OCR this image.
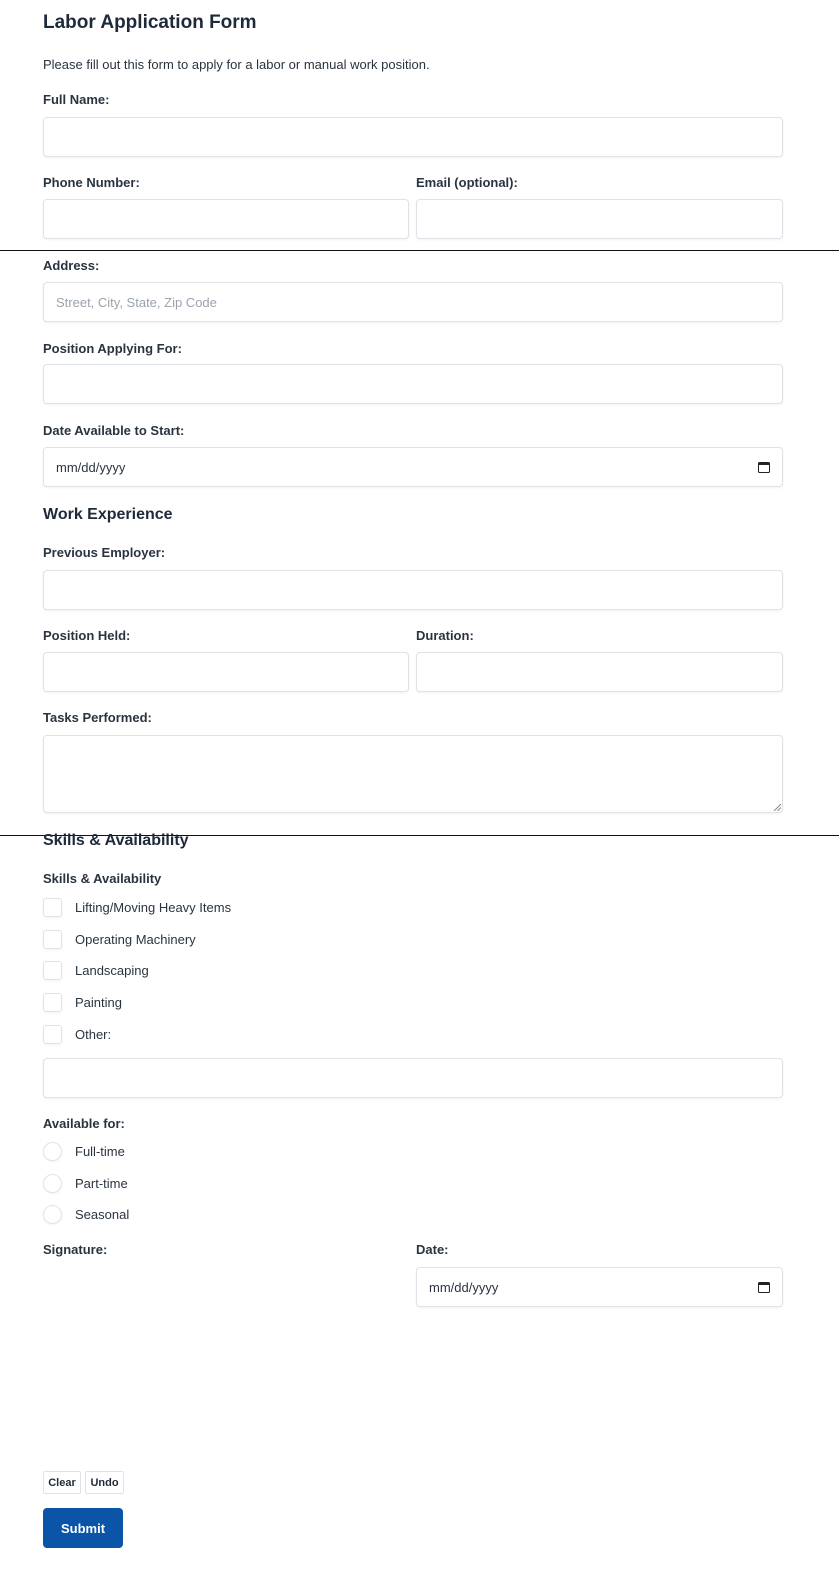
Labor Application Form
Please fill out this form to apply for a labor or manual work position.
Full Name:
Phone Number:	Email (optional):
Address:
Street, City, State, Zip Code
Position Applying For:
Date Available to Start:
mm/dd/yyyy
Work Experience
Previous Employer:
Position Held:	Duration:
Tasks Performed:
Skills & Availability
Skills & Availability
Lifting/Moving Heavy Items
Operating Machinery
Landscaping
Painting
Other:
Available for:
Full-time
Part-time
Seasonal
Signature:	Date:
mm/dd/yyyy
Clear	Undo
Submit
